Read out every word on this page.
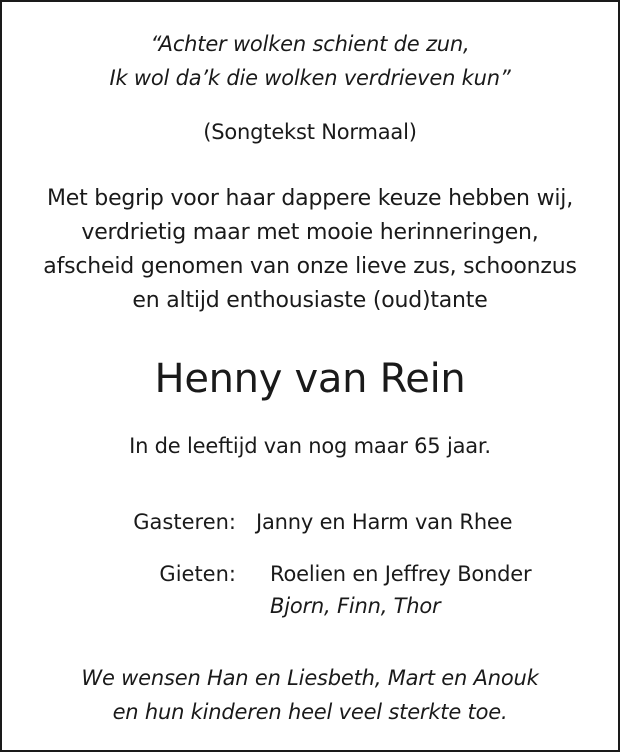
“Achter wolken schient de zun,
Ik wol da’k die wolken verdrieven kun”
(Songtekst Normaal)
Met begrip voor haar dappere keuze hebben wij,
verdrietig maar met mooie herinneringen,
afscheid genomen van onze lieve zus, schoonzus
en altijd enthousiaste (oud)tante
Henny van Rein
In de leeftijd van nog maar 65 jaar.
Gasteren: Janny en Harm van Rhee
Gieten: Roelien en Jeffrey Bonder
Bjorn, Finn, Thor
We wensen Han en Liesbeth, Mart en Anouk
en hun kinderen heel veel sterkte toe.
